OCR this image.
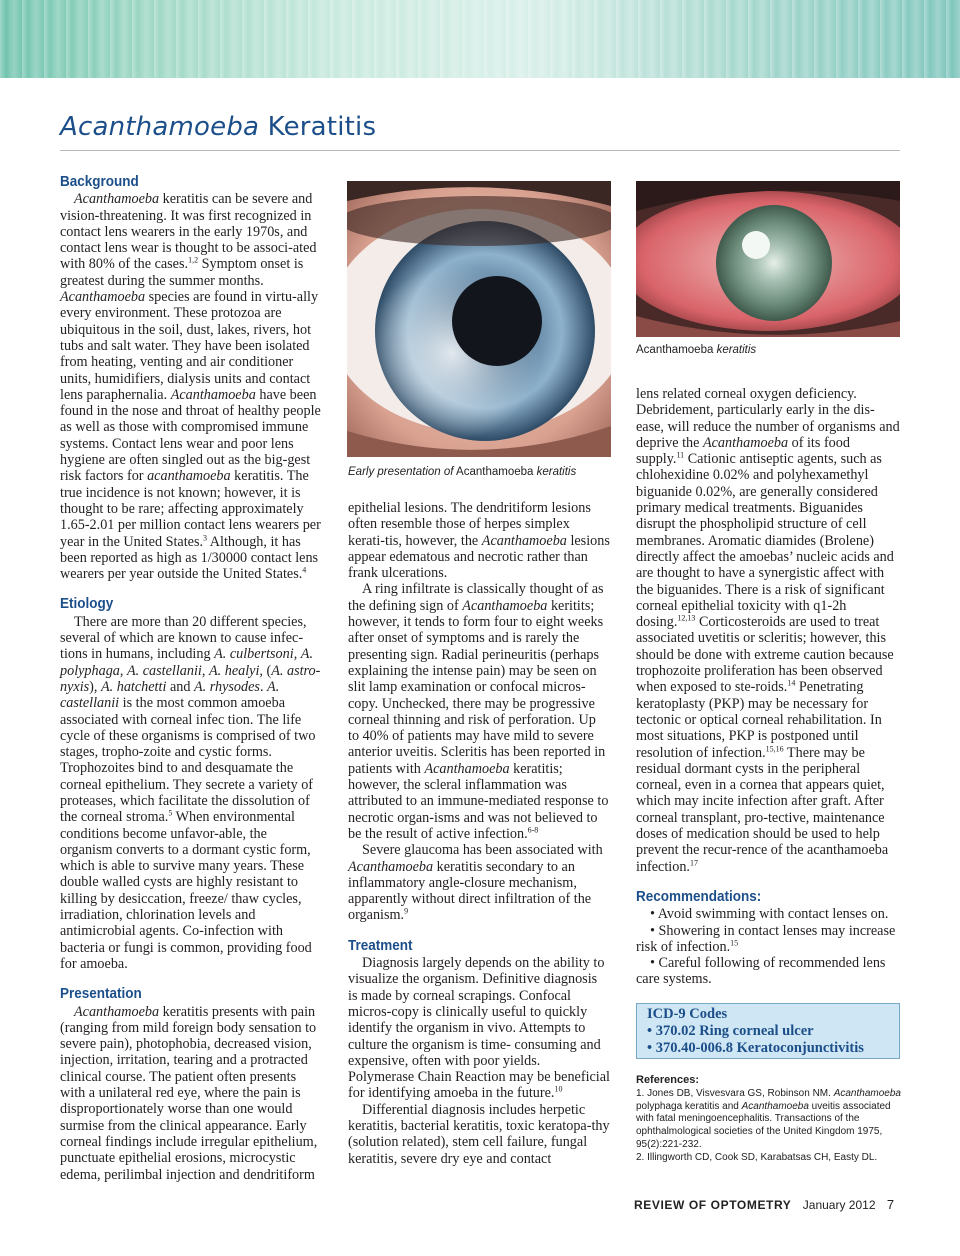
Acanthamoeba Keratitis
Background

Acanthamoeba keratitis can be severe and vision-threatening. It was first recognized in contact lens wearers in the early 1970s, and contact lens wear is thought to be associ-ated with 80% of the cases.$^{1,2}$ Symptom onset is greatest during the summer months. Acanthamoeba species are found in virtu-ally every environment. These protozoa are ubiquitous in the soil, dust, lakes, rivers, hot tubs and salt water. They have been isolated from heating, venting and air conditioner units, humidifiers, dialysis units and contact lens paraphernalia. Acanthamoeba have been found in the nose and throat of healthy people as well as those with compromised immune systems. Contact lens wear and poor lens hygiene are often singled out as the big-gest risk factors for acanthamoeba keratitis. The true incidence is not known; however, it is thought to be rare; affecting approximately 1.65-2.01 per million contact lens wearers per year in the United States.$^3$ Although, it has been reported as high as 1/30000 contact lens wearers per year outside the United States.$^4$

Etiology

There are more than 20 different species, several of which are known to cause infec-tions in humans, including A. culbertsoni, A. polyphaga, A. castellanii, A. healyi, (A. astro-nyxis), A. hatchetti and A. rhysodes. A. castellanii is the most common amoeba associated with corneal infec tion. The life cycle of these organisms is comprised of two stages, tropho-zoite and cystic forms. Trophozoites bind to and desquamate the corneal epithelium. They secrete a variety of proteases, which facilitate the dissolution of the corneal stroma.$^5$ When environmental conditions become unfavor-able, the organism converts to a dormant cystic form, which is able to survive many years. These double walled cysts are highly resistant to killing by desiccation, freeze/ thaw cycles, irradiation, chlorination levels and antimicrobial agents. Co-infection with bacteria or fungi is common, providing food for amoeba.

Presentation

Acanthamoeba keratitis presents with pain (ranging from mild foreign body sensation to severe pain), photophobia, decreased vision, injection, irritation, tearing and a protracted clinical course. The patient often presents with a unilateral red eye, where the pain is disproportionately worse than one would surmise from the clinical appearance. Early corneal findings include irregular epithelium, punctuate epithelial erosions, microcystic edema, perilimbal injection and dendritiform

Early presentation of Acanthamoeba keratitis

epithelial lesions. The dendritiform lesions often resemble those of herpes simplex kerati-tis, however, the Acanthamoeba lesions appear edematous and necrotic rather than frank ulcerations.

A ring infiltrate is classically thought of as the defining sign of Acanthamoeba keritits; however, it tends to form four to eight weeks after onset of symptoms and is rarely the presenting sign. Radial perineuritis (perhaps explaining the intense pain) may be seen on slit lamp examination or confocal micros-copy. Unchecked, there may be progressive corneal thinning and risk of perforation. Up to 40% of patients may have mild to severe anterior uveitis. Scleritis has been reported in patients with Acanthamoeba keratitis; however, the scleral inflammation was attributed to an immune-mediated response to necrotic organ-isms and was not believed to be the result of active infection.$^{6-8}$

Severe glaucoma has been associated with Acanthamoeba keratitis secondary to an inflammatory angle-closure mechanism, apparently without direct infiltration of the organism.$^9$

Treatment

Diagnosis largely depends on the ability to visualize the organism. Definitive diagnosis is made by corneal scrapings. Confocal micros-copy is clinically useful to quickly identify the organism in vivo. Attempts to culture the organism is time- consuming and expensive, often with poor yields. Polymerase Chain Reaction may be beneficial for identifying amoeba in the future.$^{10}$

Differential diagnosis includes herpetic keratitis, bacterial keratitis, toxic keratopa-thy (solution related), stem cell failure, fungal keratitis, severe dry eye and contact

Acanthamoeba keratitis

lens related corneal oxygen deficiency. Debridement, particularly early in the dis-ease, will reduce the number of organisms and deprive the Acanthamoeba of its food supply.$^{11}$ Cationic antiseptic agents, such as chlohexidine 0.02% and polyhexamethyl biguanide 0.02%, are generally considered primary medical treatments. Biguanides disrupt the phospholipid structure of cell membranes. Aromatic diamides (Brolene) directly affect the amoebas’ nucleic acids and are thought to have a synergistic affect with the biguanides. There is a risk of significant corneal epithelial toxicity with q1-2h dosing.$^{12,13}$ Corticosteroids are used to treat associated uvetitis or scleritis; however, this should be done with extreme caution because trophozoite proliferation has been observed when exposed to ste-roids.$^{14}$ Penetrating keratoplasty (PKP) may be necessary for tectonic or optical corneal rehabilitation. In most situations, PKP is postponed until resolution of infection.$^{15,16}$ There may be residual dormant cysts in the peripheral corneal, even in a cornea that appears quiet, which may incite infection after graft. After corneal transplant, pro-tective, maintenance doses of medication should be used to help prevent the recur-rence of the acanthamoeba infection.$^{17}$

Recommendations:

• Avoid swimming with contact lenses on.

• Showering in contact lenses may increase risk of infection.$^{15}$

• Careful following of recommended lens care systems.

ICD-9 Codes
• 370.02 Ring corneal ulcer
• 370.40-006.8 Keratoconjunctivitis
References:
1. Jones DB, Visvesvara GS, Robinson NM. Acanthamoeba polyphaga keratitis and Acanthamoeba uveitis associated with fatal meningoencephalitis. Transactions of the ophthalmological societies of the United Kingdom 1975, 95(2):221-232.
2. Illingworth CD, Cook SD, Karabatsas CH, Easty DL.
REVIEW OF OPTOMETRY January 2012 7
